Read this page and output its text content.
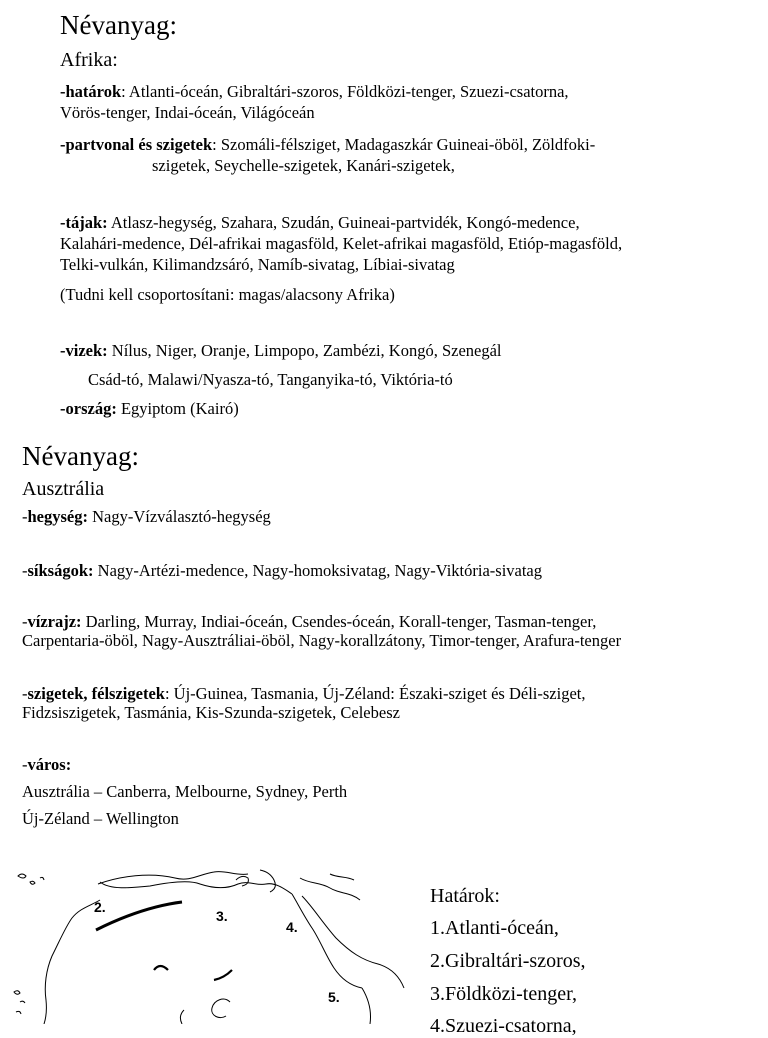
Névanyag:
Afrika:
-határok: Atlanti-óceán, Gibraltári-szoros, Földközi-tenger, Szuezi-csatorna,
Vörös-tenger, Indai-óceán, Világóceán
-partvonal és szigetek: Szomáli-félsziget, Madagaszkár Guineai-öböl, Zöldfoki-
szigetek, Seychelle-szigetek, Kanári-szigetek,
-tájak: Atlasz-hegység, Szahara, Szudán, Guineai-partvidék, Kongó-medence,
Kalahári-medence, Dél-afrikai magasföld, Kelet-afrikai magasföld, Etióp-magasföld,
Telki-vulkán, Kilimandzsáró, Namíb-sivatag, Líbiai-sivatag
(Tudni kell csoportosítani: magas/alacsony Afrika)
-vizek: Nílus, Niger, Oranje, Limpopo, Zambézi, Kongó, Szenegál
Csád-tó, Malawi/Nyasza-tó, Tanganyika-tó, Viktória-tó
-ország: Egyiptom (Kairó)
Névanyag:
Ausztrália
-hegység: Nagy-Vízválasztó-hegység
-síkságok: Nagy-Artézi-medence, Nagy-homoksivatag, Nagy-Viktória-sivatag
-vízrajz: Darling, Murray, Indiai-óceán, Csendes-óceán, Korall-tenger, Tasman-tenger,
Carpentaria-öböl, Nagy-Ausztráliai-öböl, Nagy-korallzátony, Timor-tenger, Arafura-tenger
-szigetek, félszigetek: Új-Guinea, Tasmania, Új-Zéland: Északi-sziget és Déli-sziget,
Fidzsiszigetek, Tasmánia, Kis-Szunda-szigetek, Celebesz
-város:
Ausztrália – Canberra, Melbourne, Sydney, Perth
Új-Zéland – Wellington
2.
3.
4.
5.
Határok:
1.Atlanti-óceán,
2.Gibraltári-szoros,
3.Földközi-tenger,
4.Szuezi-csatorna,
